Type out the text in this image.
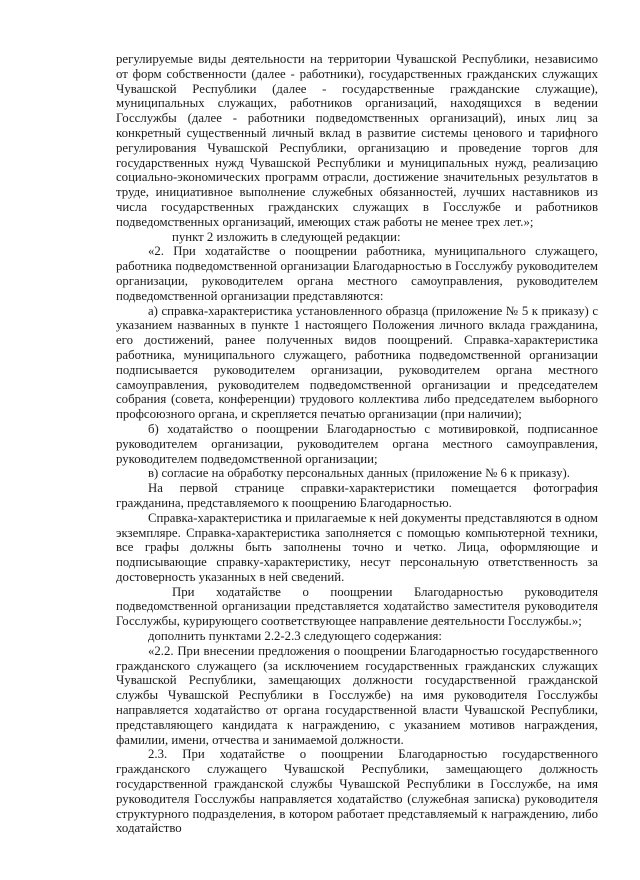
регулируемые виды деятельности на территории Чувашской Республики, независимо от форм собственности (далее - работники), государственных гражданских служащих Чувашской Республики (далее - государственные гражданские служащие), муниципальных служащих, работников организаций, находящихся в ведении Госслужбы (далее - работники подведомственных организаций), иных лиц за конкретный существенный личный вклад в развитие системы ценового и тарифного регулирования Чувашской Республики, организацию и проведение торгов для государственных нужд Чувашской Республики и муниципальных нужд, реализацию социально-экономических программ отрасли, достижение значительных результатов в труде, инициативное выполнение служебных обязанностей, лучших наставников из числа государственных гражданских служащих в Госслужбе и работников подведомственных организаций, имеющих стаж работы не менее трех лет.»;

пункт 2 изложить в следующей редакции:

«2. При ходатайстве о поощрении работника, муниципального служащего, работника подведомственной организации Благодарностью в Госслужбу руководителем организации, руководителем органа местного самоуправления, руководителем подведомственной организации представляются:

а) справка-характеристика установленного образца (приложение № 5 к приказу) с указанием названных в пункте 1 настоящего Положения личного вклада гражданина, его достижений, ранее полученных видов поощрений. Справка-характеристика работника, муниципального служащего, работника подведомственной организации подписывается руководителем организации, руководителем органа местного самоуправления, руководителем подведомственной организации и председателем собрания (совета, конференции) трудового коллектива либо председателем выборного профсоюзного органа, и скрепляется печатью организации (при наличии);

б) ходатайство о поощрении Благодарностью с мотивировкой, подписанное руководителем организации, руководителем органа местного самоуправления, руководителем подведомственной организации;

в) согласие на обработку персональных данных (приложение № 6 к приказу).

На первой странице справки-характеристики помещается фотография гражданина, представляемого к поощрению Благодарностью.

Справка-характеристика и прилагаемые к ней документы представляются в одном экземпляре. Справка-характеристика заполняется с помощью компьютерной техники, все графы должны быть заполнены точно и четко. Лица, оформляющие и подписывающие справку-характеристику, несут персональную ответственность за достоверность указанных в ней сведений.

При ходатайстве о поощрении Благодарностью руководителя подведомственной организации представляется ходатайство заместителя руководителя Госслужбы, курирующего соответствующее направление деятельности Госслужбы.»;

дополнить пунктами 2.2-2.3 следующего содержания:

«2.2. При внесении предложения о поощрении Благодарностью государственного гражданского служащего (за исключением государственных гражданских служащих Чувашской Республики, замещающих должности государственной гражданской службы Чувашской Республики в Госслужбе) на имя руководителя Госслужбы направляется ходатайство от органа государственной власти Чувашской Республики, представляющего кандидата к награждению, с указанием мотивов награждения, фамилии, имени, отчества и занимаемой должности.

2.3. При ходатайстве о поощрении Благодарностью государственного гражданского служащего Чувашской Республики, замещающего должность государственной гражданской службы Чувашской Республики в Госслужбе, на имя руководителя Госслужбы направляется ходатайство (служебная записка) руководителя структурного подразделения, в котором работает представляемый к награждению, либо ходатайство
